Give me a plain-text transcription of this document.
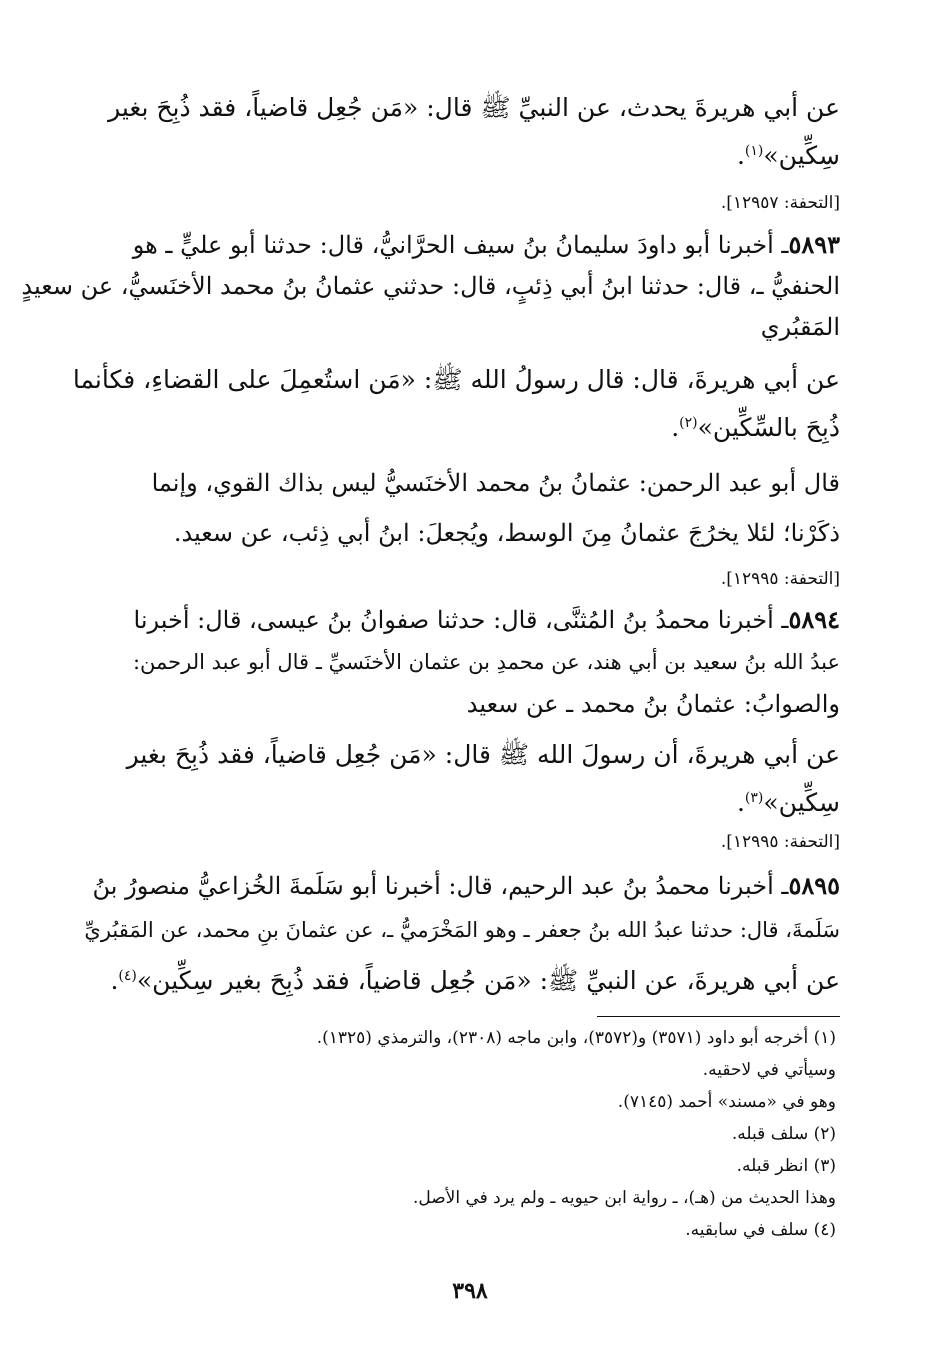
عن أبي هريرةَ يحدث، عن النبيِّ ﷺ قال: «مَن جُعِل قاضياً، فقد ذُبِحَ بغير
سِكِّين»$^{(١)}$.
[التحفة: ١٢٩٥٧].
٥٨٩٣ـ أخبرنا أبو داودَ سليمانُ بنُ سيف الحرَّانيُّ، قال: حدثنا أبو عليٍّ ـ هو
الحنفيُّ ـ، قال: حدثنا ابنُ أبي ذِئبٍ، قال: حدثني عثمانُ بنُ محمد الأخنَسيُّ، عن سعيدٍ
المَقبُري
عن أبي هريرةَ، قال: قال رسولُ الله ﷺ: «مَن استُعمِلَ على القضاءِ، فكأنما
ذُبِحَ بالسِّكِّين»$^{(٢)}$.
قال أبو عبد الرحمن: عثمانُ بنُ محمد الأخنَسيُّ ليس بذاك القوي، وإنما
ذكَرْنا؛ لئلا يخرُجَ عثمانُ مِنَ الوسط، ويُجعلَ: ابنُ أبي ذِئب، عن سعيد.
[التحفة: ١٢٩٩٥].
٥٨٩٤ـ أخبرنا محمدُ بنُ المُثنَّى، قال: حدثنا صفوانُ بنُ عيسى، قال: أخبرنا
عبدُ الله بنُ سعيد بن أبي هند، عن محمدِ بن عثمان الأخنَسيِّ ـ قال أبو عبد الرحمن:
والصوابُ: عثمانُ بنُ محمد ـ عن سعيد
عن أبي هريرةَ، أن رسولَ الله ﷺ قال: «مَن جُعِل قاضياً، فقد ذُبِحَ بغير
سِكِّين»$^{(٣)}$.
[التحفة: ١٢٩٩٥].
٥٨٩٥ـ أخبرنا محمدُ بنُ عبد الرحيم، قال: أخبرنا أبو سَلَمةَ الخُزاعيُّ منصورُ بنُ
سَلَمةَ، قال: حدثنا عبدُ الله بنُ جعفر ـ وهو المَخْرَميُّ ـ، عن عثمانَ بنِ محمد، عن المَقبُريِّ
عن أبي هريرةَ، عن النبيِّ ﷺ: «مَن جُعِل قاضياً، فقد ذُبِحَ بغير سِكِّين»$^{(٤)}$.
(١) أخرجه أبو داود (٣٥٧١) و(٣٥٧٢)، وابن ماجه (٢٣٠٨)، والترمذي (١٣٢٥).
وسيأتي في لاحقيه.
وهو في «مسند» أحمد (٧١٤٥).
(٢) سلف قبله.
(٣) انظر قبله.
وهذا الحديث من (هـ)، ـ رواية ابن حيويه ـ ولم يرد في الأصل.
(٤) سلف في سابقيه.
٣٩٨
